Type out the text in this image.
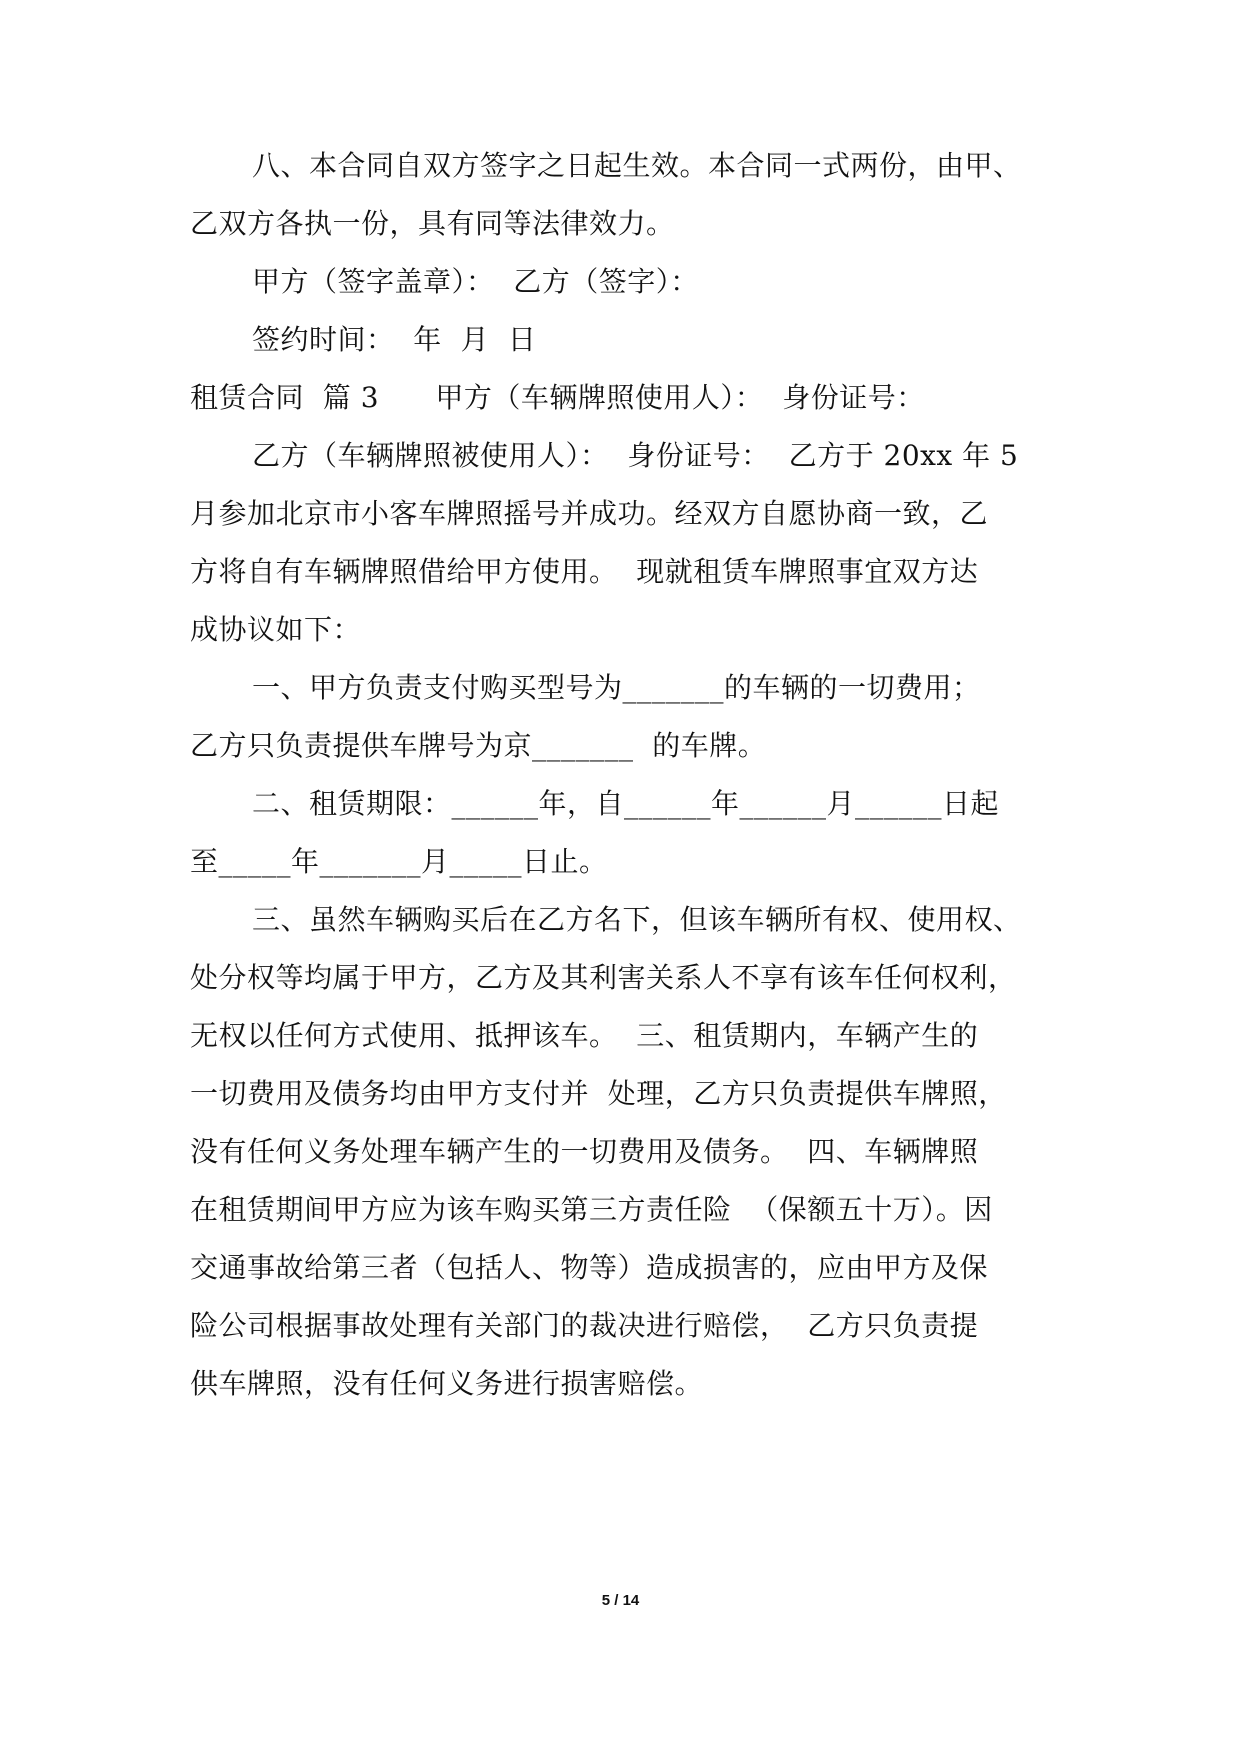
八、本合同自双方签字之日起生效。本合同一式两份，由甲、
乙双方各执一份，具有同等法律效力。
甲方（签字盖章）：  乙方（签字）：
签约时间：  年  月  日
租赁合同  篇 3      甲方（车辆牌照使用人）：  身份证号：
乙方（车辆牌照被使用人）：  身份证号：  乙方于 20xx 年 5
月参加北京市小客车牌照摇号并成功。经双方自愿协商一致，乙
方将自有车辆牌照借给甲方使用。  现就租赁车牌照事宜双方达
成协议如下：
一、甲方负责支付购买型号为_______的车辆的一切费用；
乙方只负责提供车牌号为京_______  的车牌。
二、租赁期限：______年，自______年______月______日起
至_____年_______月_____日止。
三、虽然车辆购买后在乙方名下，但该车辆所有权、使用权、
处分权等均属于甲方，乙方及其利害关系人不享有该车任何权利，
无权以任何方式使用、抵押该车。  三、租赁期内，车辆产生的
一切费用及债务均由甲方支付并  处理，乙方只负责提供车牌照，
没有任何义务处理车辆产生的一切费用及债务。  四、车辆牌照
在租赁期间甲方应为该车购买第三方责任险  （保额五十万）。因
交通事故给第三者（包括人、物等）造成损害的，应由甲方及保
险公司根据事故处理有关部门的裁决进行赔偿，  乙方只负责提
供车牌照，没有任何义务进行损害赔偿。
5 / 14
